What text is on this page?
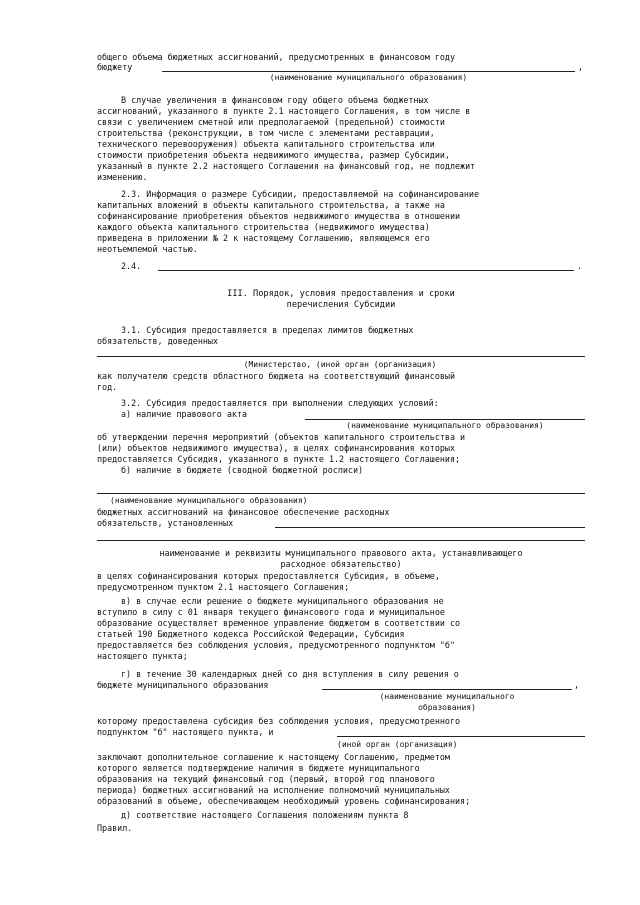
общего объема бюджетных ассигнований, предусмотренных в финансовом году
бюджету	,
(наименование муниципального образования)
В случае увеличения в финансовом году общего объема бюджетных
ассигнований, указанного в пункте 2.1 настоящего Соглашения, в том числе в
связи с увеличением сметной или предполагаемой (предельной) стоимости
строительства (реконструкции, в том числе с элементами реставрации,
технического перевооружения) объекта капитального строительства или
стоимости приобретения объекта недвижимого имущества, размер Субсидии,
указанный в пункте 2.2 настоящего Соглашения на финансовый год, не подлежит
изменению.
2.3. Информация о размере Субсидии, предоставляемой на софинансирование
капитальных вложений в объекты капитального строительства, а также на
софинансирование приобретения объектов недвижимого имущества в отношении
каждого объекта капитального строительства (недвижимого имущества)
приведена в приложении № 2 к настоящему Соглашению, являющемся его
неотъемлемой частью.
2.4.	.
III. Порядок, условия предоставления и сроки
перечисления Субсидии
3.1. Субсидия предоставляется в пределах лимитов бюджетных
обязательств, доведенных
(Министерство, (иной орган (организация)
как получателю средств областного бюджета на соответствующий финансовый
год.
3.2. Субсидия предоставляется при выполнении следующих условий:
а) наличие правового акта
(наименование муниципального образования)
об утверждении перечня мероприятий (объектов капитального строительства и
(или) объектов недвижимого имущества), в целях софинансирования которых
предоставляется Субсидия, указанного в пункте 1.2 настоящего Соглашения;
б) наличие в бюджете (сводной бюджетной росписи)
(наименование муниципального образования)
бюджетных ассигнований на финансовое обеспечение расходных
обязательств, установленных
наименование и реквизиты муниципального правового акта, устанавливающего
расходное обязательство)
в целях софинансирования которых предоставляется Субсидия, в объеме,
предусмотренном пунктом 2.1 настоящего Соглашения;
в) в случае если решение о бюджете муниципального образования не
вступило в силу с 01 января текущего финансового года и муниципальное
образование осуществляет временное управление бюджетом в соответствии со
статьей 190 Бюджетного кодекса Российской Федерации, Субсидия
предоставляется без соблюдения условия, предусмотренного подпунктом "б"
настоящего пункта;
г) в течение 30 календарных дней со дня вступления в силу решения о
бюджете муниципального образования	,
(наименование муниципального
образования)
которому предоставлена субсидия без соблюдения условия, предусмотренного
подпунктом "б" настоящего пункта, и
(иной орган (организация)
заключают дополнительное соглашение к настоящему Соглашению, предметом
которого является подтверждение наличия в бюджете муниципального
образования на текущий финансовый год (первый, второй год планового
периода) бюджетных ассигнований на исполнение полномочий муниципальных
образований в объеме, обеспечивающем необходимый уровень софинансирования;
д) соответствие настоящего Соглашения положениям пункта 8
Правил.
